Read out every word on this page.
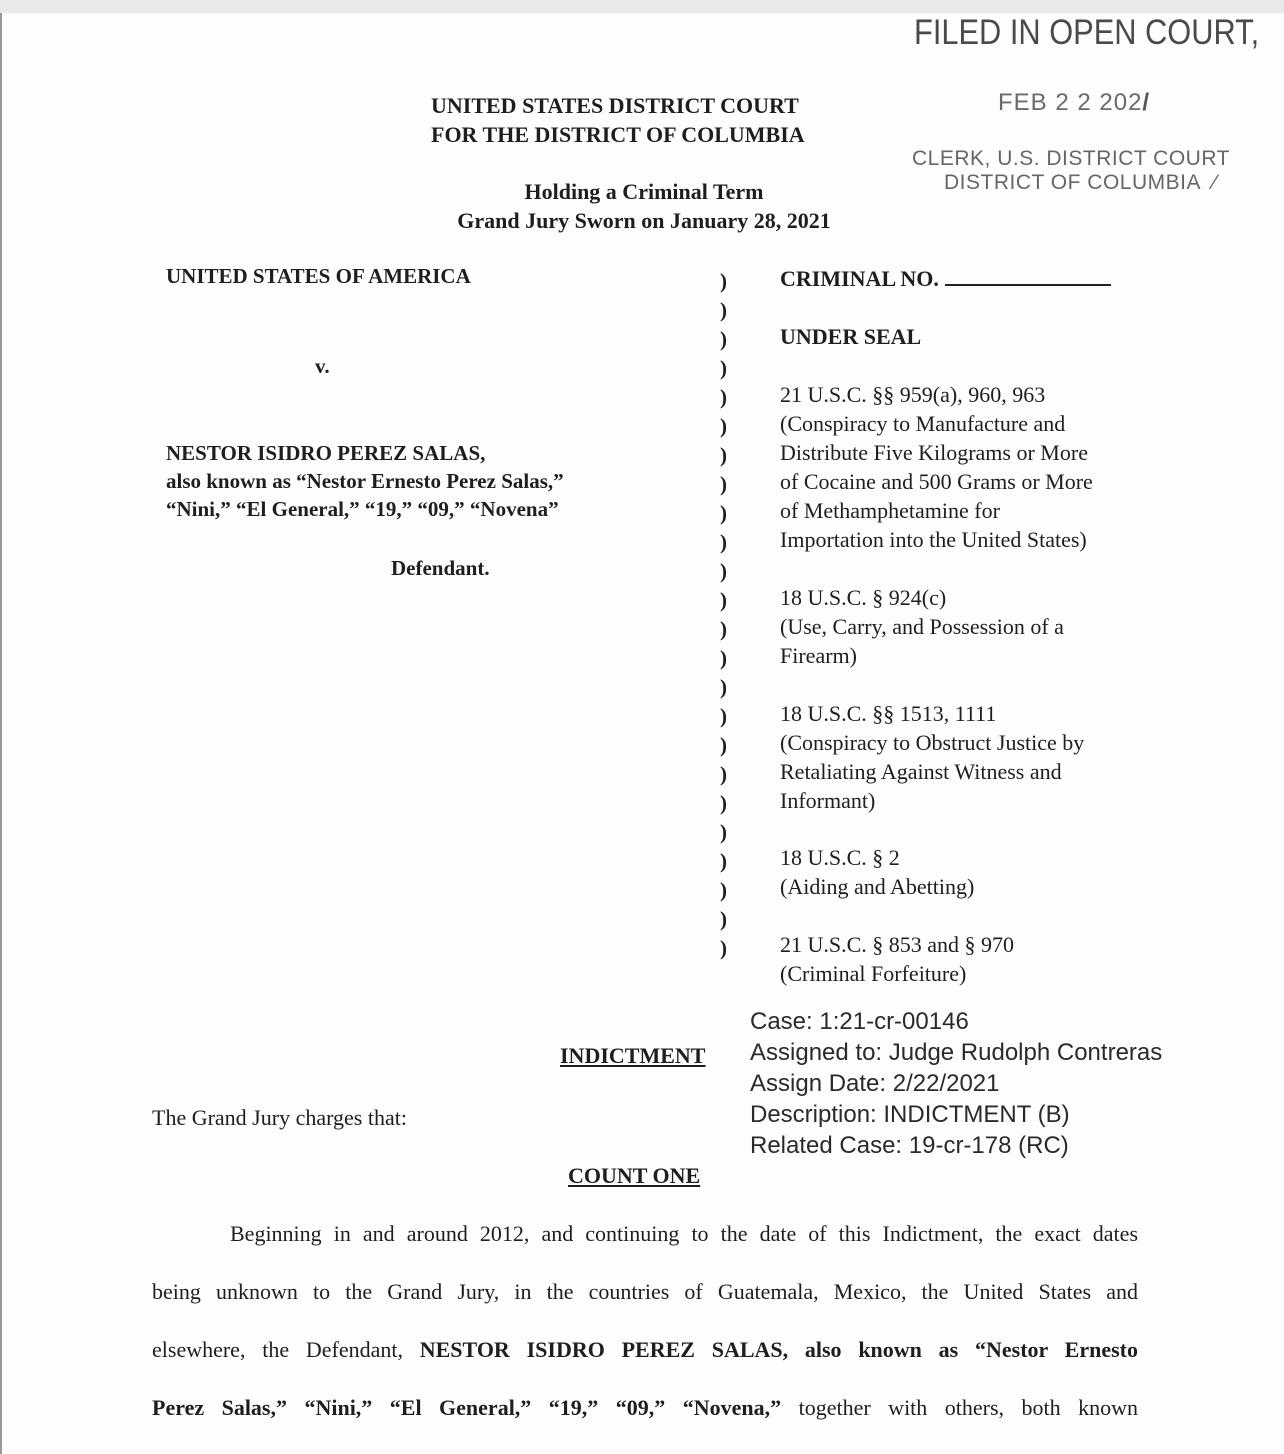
FILED IN OPEN COURT,
FEB 2 2 202/
CLERK, U.S. DISTRICT COURT
DISTRICT OF COLUMBIA ⁄
UNITED STATES DISTRICT COURT
FOR THE DISTRICT OF COLUMBIA
Holding a Criminal Term
Grand Jury Sworn on January 28, 2021
UNITED STATES OF AMERICA
v.
NESTOR ISIDRO PEREZ SALAS,
also known as “Nestor Ernesto Perez Salas,”
“Nini,” “El General,” “19,” “09,” “Novena”
Defendant.
)
)
)
)
)
)
)
)
)
)
)
)
)
)
)
)
)
)
)
)
)
)
)
)
CRIMINAL NO.
UNDER SEAL
21 U.S.C. §§ 959(a), 960, 963
(Conspiracy to Manufacture and
Distribute Five Kilograms or More
of Cocaine and 500 Grams or More
of Methamphetamine for
Importation into the United States)
18 U.S.C. § 924(c)
(Use, Carry, and Possession of a
Firearm)
18 U.S.C. §§ 1513, 1111
(Conspiracy to Obstruct Justice by
Retaliating Against Witness and
Informant)
18 U.S.C. § 2
(Aiding and Abetting)
21 U.S.C. § 853 and § 970
(Criminal Forfeiture)
Case: 1:21-cr-00146
Assigned to: Judge Rudolph Contreras
Assign Date: 2/22/2021
Description: INDICTMENT (B)
Related Case: 19-cr-178 (RC)
INDICTMENT
The Grand Jury charges that:
COUNT ONE
Beginning in and around 2012, and continuing to the date of this Indictment, the exact dates
being unknown to the Grand Jury, in the countries of Guatemala, Mexico, the United States and
elsewhere, the Defendant, NESTOR ISIDRO PEREZ SALAS, also known as “Nestor Ernesto
Perez Salas,” “Nini,” “El General,” “19,” “09,” “Novena,” together with others, both known
